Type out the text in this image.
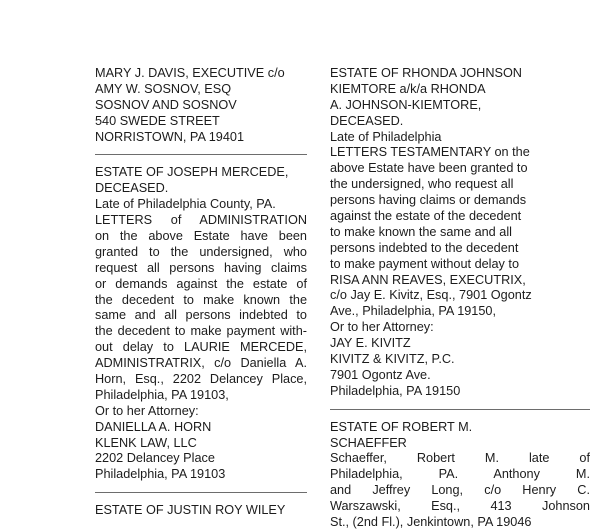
MARY J. DAVIS, EXECUTIVE c/o
AMY W. SOSNOV, ESQ
SOSNOV AND SOSNOV
540 SWEDE STREET
NORRISTOWN, PA 19401
ESTATE OF JOSEPH MERCEDE,
DECEASED.
Late of Philadelphia County, PA.
LETTERS of ADMINISTRATION
on the above Estate have been
granted to the undersigned, who
request all persons having claims
or demands against the estate of
the decedent to make known the
same and all persons indebted to
the decedent to make payment with-
out delay to LAURIE MERCEDE,
ADMINISTRATRIX, c/o Daniella A.
Horn, Esq., 2202 Delancey Place,
Philadelphia, PA 19103,
Or to her Attorney:
DANIELLA A. HORN
KLENK LAW, LLC
2202 Delancey Place
Philadelphia, PA 19103
ESTATE OF JUSTIN ROY WILEY
ESTATE OF RHONDA JOHNSON
KIEMTORE a/k/a RHONDA
A. JOHNSON-KIEMTORE,
DECEASED.
Late of Philadelphia
LETTERS TESTAMENTARY on the
above Estate have been granted to
the undersigned, who request all
persons having claims or demands
against the estate of the decedent
to make known the same and all
persons indebted to the decedent
to make payment without delay to
RISA ANN REAVES, EXECUTRIX,
c/o Jay E. Kivitz, Esq., 7901 Ogontz
Ave., Philadelphia, PA 19150,
Or to her Attorney:
JAY E. KIVITZ
KIVITZ & KIVITZ, P.C.
7901 Ogontz Ave.
Philadelphia, PA 19150
ESTATE OF ROBERT M.
SCHAEFFER
Schaeffer, Robert M. late of
Philadelphia, PA. Anthony M.
and Jeffrey Long, c/o Henry C.
Warszawski, Esq., 413 Johnson
St., (2nd Fl.), Jenkintown, PA 19046
